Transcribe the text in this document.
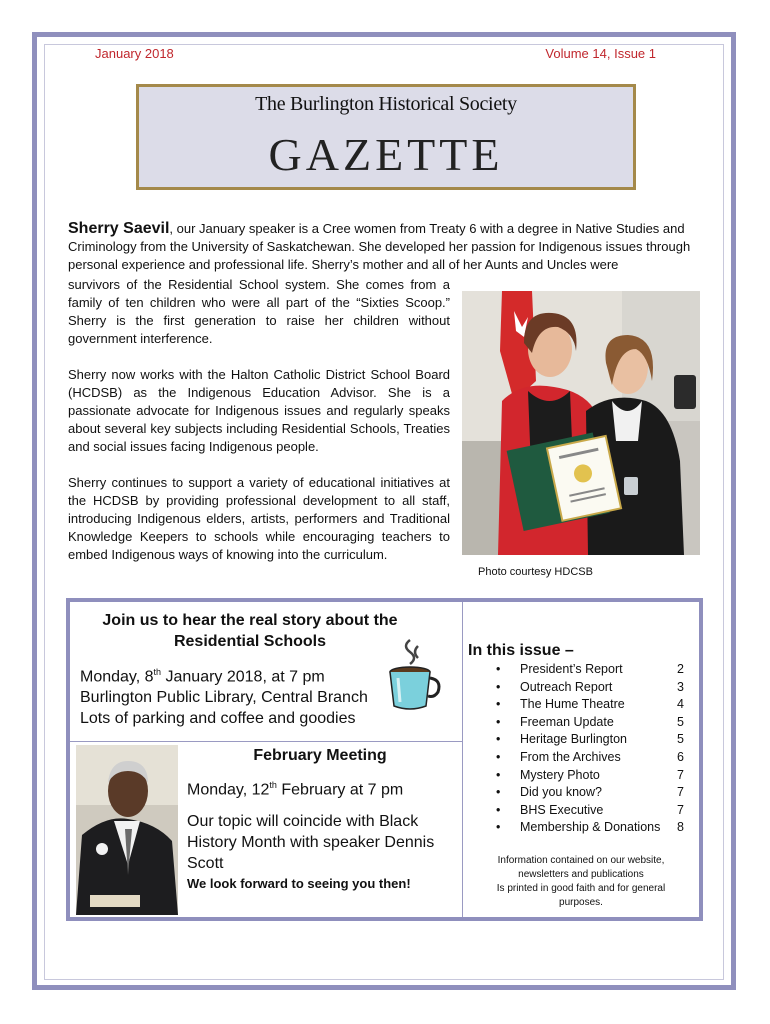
January 2018	Volume 14, Issue 1
The Burlington Historical Society
GAZETTE
Sherry Saevil, our January speaker is a Cree women from Treaty 6 with a degree in Native Studies and Criminology from the University of Saskatchewan. She developed her passion for Indigenous issues through personal experience and professional life. Sherry’s mother and all of her Aunts and Uncles were

survivors of the Residential School system. She comes from a family of ten children who were all part of the “Sixties Scoop.” Sherry is the first generation to raise her children without government interference.

Sherry now works with the Halton Catholic District School Board (HCDSB) as the Indigenous Education Advisor. She is a passionate advocate for Indigenous issues and regularly speaks about several key subjects including Residential Schools, Treaties and social issues facing Indigenous people.

Sherry continues to support a variety of educational initiatives at the HCDSB by providing professional development to all staff, introducing Indigenous elders, artists, performers and Traditional Knowledge Keepers to schools while encouraging teachers to embed Indigenous ways of knowing into the curriculum.

Photo courtesy HDCSB
Join us to hear the real story about the Residential Schools
Monday, 8th January 2018, at 7 pm
Burlington Public Library, Central Branch
Lots of parking and coffee and goodies
February Meeting
Monday, 12th February at 7 pm
Our topic will coincide with Black History Month with speaker Dennis Scott
We look forward to seeing you then!
In this issue –
• President’s Report	2
• Outreach Report	3
• The Hume Theatre	4
• Freeman Update	5
• Heritage Burlington	5
• From the Archives	6
• Mystery Photo	7
• Did you know?	7
• BHS Executive	7
• Membership & Donations 8
Information contained on our website,
newsletters and publications
Is printed in good faith and for general
purposes.
